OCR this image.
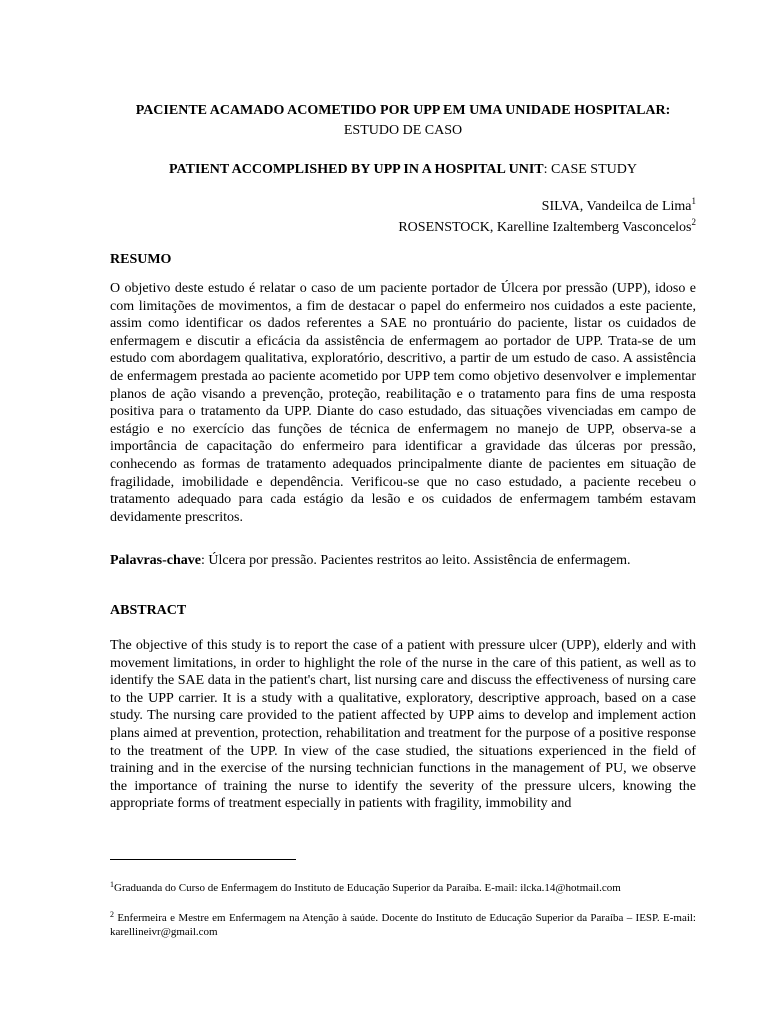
PACIENTE ACAMADO ACOMETIDO POR UPP EM UMA UNIDADE HOSPITALAR: ESTUDO DE CASO
PATIENT ACCOMPLISHED BY UPP IN A HOSPITAL UNIT: CASE STUDY
SILVA, Vandeilca de Lima$^1$
ROSENSTOCK, Karelline Izaltemberg Vasconcelos$^2$
RESUMO

O objetivo deste estudo é relatar o caso de um paciente portador de Úlcera por pressão (UPP), idoso e com limitações de movimentos, a fim de destacar o papel do enfermeiro nos cuidados a este paciente, assim como identificar os dados referentes a SAE no prontuário do paciente, listar os cuidados de enfermagem e discutir a eficácia da assistência de enfermagem ao portador de UPP. Trata-se de um estudo com abordagem qualitativa, exploratório, descritivo, a partir de um estudo de caso. A assistência de enfermagem prestada ao paciente acometido por UPP tem como objetivo desenvolver e implementar planos de ação visando a prevenção, proteção, reabilitação e o tratamento para fins de uma resposta positiva para o tratamento da UPP. Diante do caso estudado, das situações vivenciadas em campo de estágio e no exercício das funções de técnica de enfermagem no manejo de UPP, observa-se a importância de capacitação do enfermeiro para identificar a gravidade das úlceras por pressão, conhecendo as formas de tratamento adequados principalmente diante de pacientes em situação de fragilidade, imobilidade e dependência. Verificou-se que no caso estudado, a paciente recebeu o tratamento adequado para cada estágio da lesão e os cuidados de enfermagem também estavam devidamente prescritos.

Palavras-chave: Úlcera por pressão. Pacientes restritos ao leito. Assistência de enfermagem.
ABSTRACT

The objective of this study is to report the case of a patient with pressure ulcer (UPP), elderly and with movement limitations, in order to highlight the role of the nurse in the care of this patient, as well as to identify the SAE data in the patient's chart, list nursing care and discuss the effectiveness of nursing care to the UPP carrier. It is a study with a qualitative, exploratory, descriptive approach, based on a case study. The nursing care provided to the patient affected by UPP aims to develop and implement action plans aimed at prevention, protection, rehabilitation and treatment for the purpose of a positive response to the treatment of the UPP. In view of the case studied, the situations experienced in the field of training and in the exercise of the nursing technician functions in the management of PU, we observe the importance of training the nurse to identify the severity of the pressure ulcers, knowing the appropriate forms of treatment especially in patients with fragility, immobility and

$^1$Graduanda do Curso de Enfermagem do Instituto de Educação Superior da Paraíba. E-mail: ilcka.14@hotmail.com

$^2$ Enfermeira e Mestre em Enfermagem na Atenção à saúde. Docente do Instituto de Educação Superior da Paraíba – IESP. E-mail: karellineivr@gmail.com
